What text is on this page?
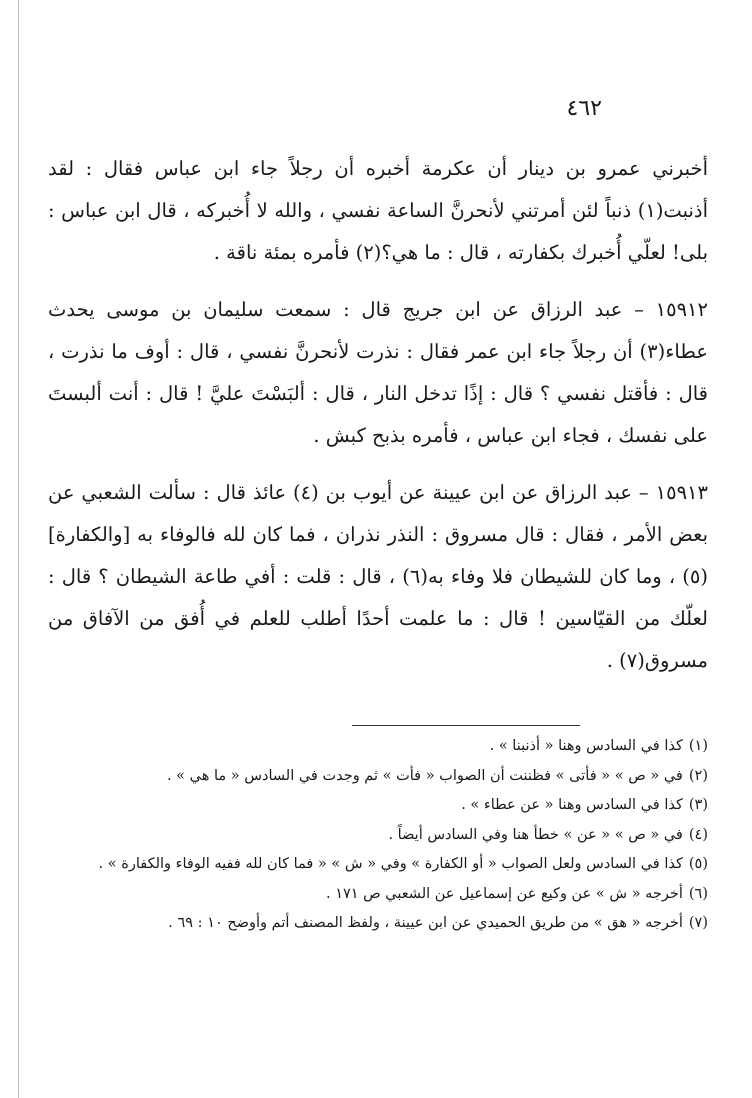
٤٦٢

أخبرني عمرو بن دينار أن عكرمة أخبره أن رجلاً جاء ابن عباس فقال : لقد أذنبت(١) ذنباً لئن أمرتني لأنحرنَّ الساعة نفسي ، والله لا أُخبركه ، قال ابن عباس : بلى! لعلّي أُخبرك بكفارته ، قال : ما هي؟(٢) فأمره بمئة ناقة .

١٥٩١٢ – عبد الرزاق عن ابن جريج قال : سمعت سليمان بن موسى يحدث عطاء(٣) أن رجلاً جاء ابن عمر فقال : نذرت لأنحرنَّ نفسي ، قال : أوف ما نذرت ، قال : فأقتل نفسي ؟ قال : إذًا تدخل النار ، قال : ألبَسْتَ عليَّ ! قال : أنت ألبستَ على نفسك ، فجاء ابن عباس ، فأمره بذبح كبش .

١٥٩١٣ – عبد الرزاق عن ابن عيينة عن أيوب بن (٤) عائذ قال : سألت الشعبي عن بعض الأمر ، فقال : قال مسروق : النذر نذران ، فما كان لله فالوفاء به [والكفارة](٥) ، وما كان للشيطان فلا وفاء به(٦) ، قال : قلت : أفي طاعة الشيطان ؟ قال : لعلّك من القيّاسين ! قال : ما علمت أحدًا أطلب للعلم في أُفق من الآفاق من مسروق(٧) .

(١)كذا في السادس وهنا « أذنبنا » .
(٢)في « ص » « فأتى » فظننت أن الصواب « فأت » ثم وجدت في السادس « ما هي » .
(٣)كذا في السادس وهنا « عن عطاء » .
(٤)في « ص » « عن » خطأ هنا وفي السادس أيضاً .
(٥)كذا في السادس ولعل الصواب « أو الكفارة » وفي « ش » « فما كان لله ففيه الوفاء والكفارة » .
(٦)أخرجه « ش » عن وكيع عن إسماعيل عن الشعبي ص ١٧١ .
(٧)أخرجه « هق » من طريق الحميدي عن ابن عيينة ، ولفظ المصنف أتم وأوضح ١٠ : ٦٩ .
